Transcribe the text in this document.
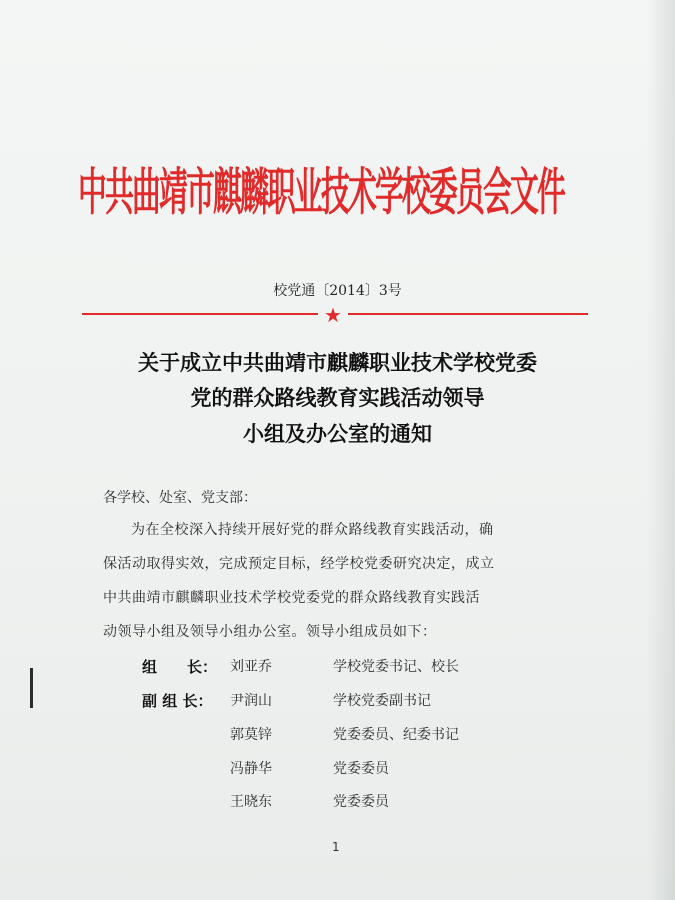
中共曲靖市麒麟职业技术学校委员会文件
校党通〔2014〕3号
★
关于成立中共曲靖市麒麟职业技术学校党委
党的群众路线教育实践活动领导
小组及办公室的通知
各学校、处室、党支部：
为在全校深入持续开展好党的群众路线教育实践活动，确
保活动取得实效，完成预定目标，经学校党委研究决定，成立
中共曲靖市麒麟职业技术学校党委党的群众路线教育实践活
动领导小组及领导小组办公室。领导小组成员如下：
组　　长： 刘亚乔	学校党委书记、校长
副 组 长： 尹润山	学校党委副书记
郭莫锌	党委委员、纪委书记
冯静华	党委委员
王晓东	党委委员
1
